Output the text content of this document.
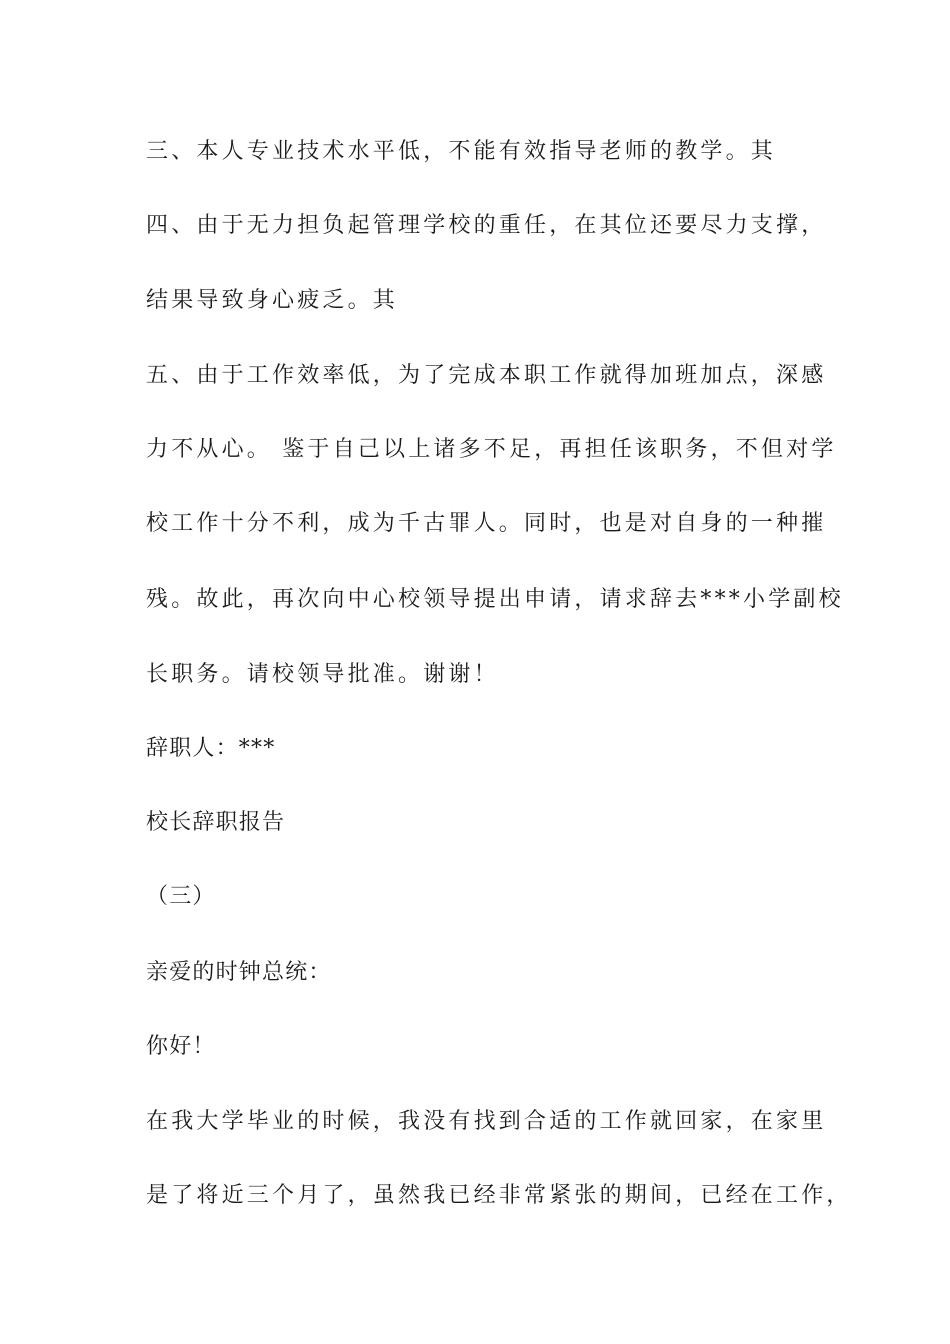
三、本人专业技术水平低，不能有效指导老师的教学。其
四、由于无力担负起管理学校的重任，在其位还要尽力支撑，
结果导致身心疲乏。其
五、由于工作效率低，为了完成本职工作就得加班加点，深感
力不从心。 鉴于自己以上诸多不足，再担任该职务，不但对学
校工作十分不利，成为千古罪人。同时，也是对自身的一种摧
残。故此，再次向中心校领导提出申请，请求辞去***小学副校
长职务。请校领导批准。谢谢！
辞职人：***
校长辞职报告
（三）
亲爱的时钟总统：
你好！
在我大学毕业的时候，我没有找到合适的工作就回家，在家里
是了将近三个月了，虽然我已经非常紧张的期间，已经在工作，
